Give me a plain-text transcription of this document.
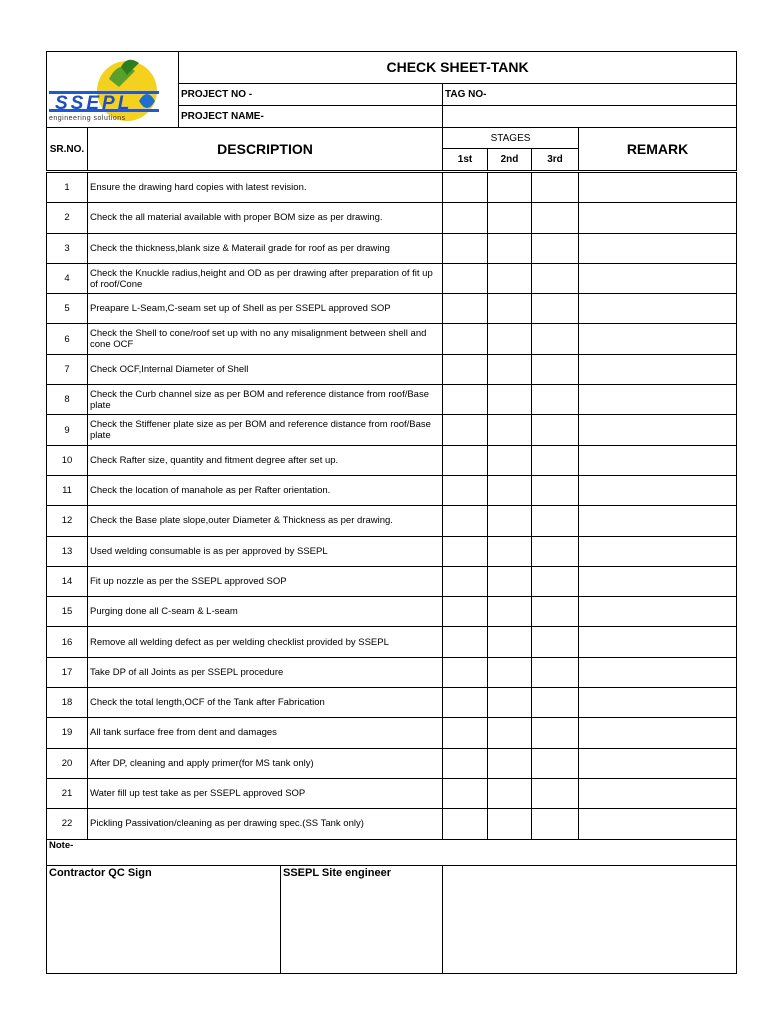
SSEPL
engineering solutions		CHECK SHEET-TANK					
		PROJECT NO -		TAG NO-			
		PROJECT NAME-					
SR.NO.	DESCRIPTION			STAGES			REMARK
				1st	2nd	3rd	

1	Ensure the drawing hard copies with latest revision.						
2	Check the all material available with proper BOM size as per drawing.						
3	Check the thickness,blank size & Materail grade for roof as per drawing						
4	Check the Knuckle radius,height and OD as per drawing after preparation of fit up of roof/Cone						
5	Preapare L-Seam,C-seam set up of Shell as per SSEPL approved SOP						
6	Check the Shell to cone/roof set up with no any misalignment between shell and cone OCF						
7	Check OCF,Internal Diameter of Shell						
8	Check the Curb channel size as per BOM and reference distance from roof/Base plate						
9	Check the Stiffener plate size as per BOM and reference distance from roof/Base plate						
10	Check Rafter size, quantity and fitment degree after set up.						
11	Check the location of manahole as per Rafter orientation.						
12	Check the Base plate slope,outer Diameter & Thickness as per drawing.						
13	Used welding consumable is as per approved by SSEPL						
14	Fit up nozzle as per the SSEPL approved SOP						
15	Purging done all C-seam & L-seam						
16	Remove all welding defect as per welding checklist provided by SSEPL						
17	Take DP of all Joints as per SSEPL procedure						
18	Check the total length,OCF of the Tank after Fabrication						
19	All tank surface free from dent and damages						
20	After DP, cleaning and apply primer(for MS tank only)						
21	Water fill up test take as per SSEPL approved SOP						
22	Pickling Passivation/cleaning as per drawing spec.(SS Tank only)						
Note-							
Contractor QC Sign			SSEPL Site engineer				
